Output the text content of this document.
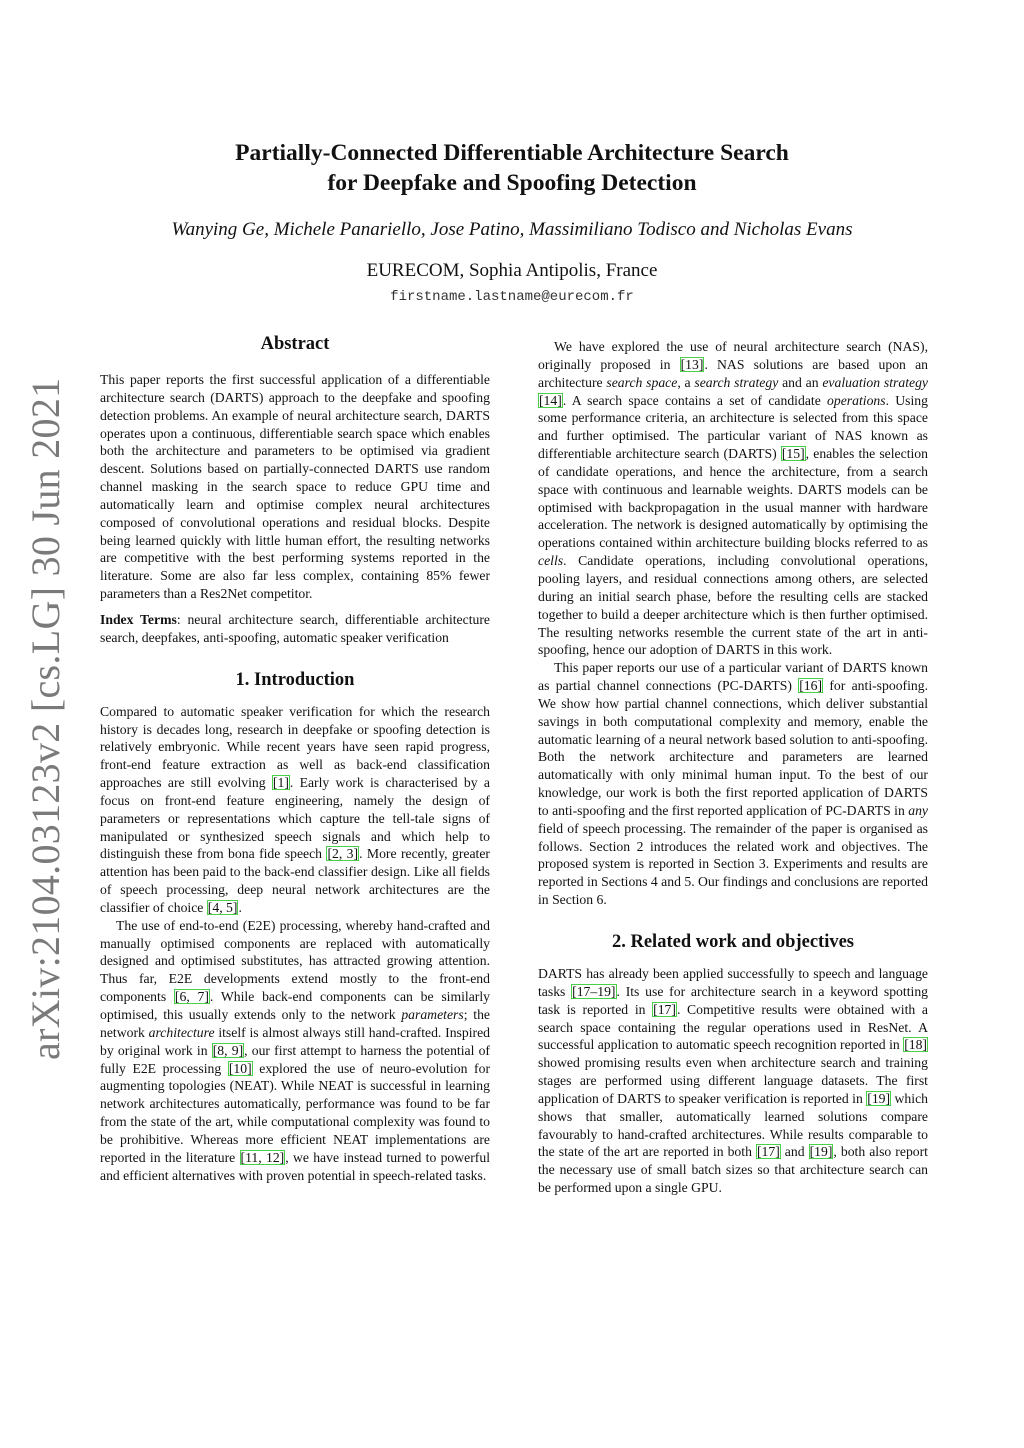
arXiv:2104.03123v2 [cs.LG] 30 Jun 2021
Partially-Connected Differentiable Architecture Search
for Deepfake and Spoofing Detection
Wanying Ge, Michele Panariello, Jose Patino, Massimiliano Todisco and Nicholas Evans
EURECOM, Sophia Antipolis, France
firstname.lastname@eurecom.fr
Abstract

This paper reports the first successful application of a differentiable architecture search (DARTS) approach to the deepfake and spoofing detection problems. An example of neural architecture search, DARTS operates upon a continuous, differentiable search space which enables both the architecture and parameters to be optimised via gradient descent. Solutions based on partially-connected DARTS use random channel masking in the search space to reduce GPU time and automatically learn and optimise complex neural architectures composed of convolutional operations and residual blocks. Despite being learned quickly with little human effort, the resulting networks are competitive with the best performing systems reported in the literature. Some are also far less complex, containing 85% fewer parameters than a Res2Net competitor.

Index Terms: neural architecture search, differentiable architecture search, deepfakes, anti-spoofing, automatic speaker verification

1. Introduction

Compared to automatic speaker verification for which the research history is decades long, research in deepfake or spoofing detection is relatively embryonic. While recent years have seen rapid progress, front-end feature extraction as well as back-end classification approaches are still evolving [1]. Early work is characterised by a focus on front-end feature engineering, namely the design of parameters or representations which capture the tell-tale signs of manipulated or synthesized speech signals and which help to distinguish these from bona fide speech [2, 3]. More recently, greater attention has been paid to the back-end classifier design. Like all fields of speech processing, deep neural network architectures are the classifier of choice [4, 5].

The use of end-to-end (E2E) processing, whereby hand-crafted and manually optimised components are replaced with automatically designed and optimised substitutes, has attracted growing attention. Thus far, E2E developments extend mostly to the front-end components [6, 7]. While back-end components can be similarly optimised, this usually extends only to the network parameters; the network architecture itself is almost always still hand-crafted. Inspired by original work in [8, 9], our first attempt to harness the potential of fully E2E processing [10] explored the use of neuro-evolution for augmenting topologies (NEAT). While NEAT is successful in learning network architectures automatically, performance was found to be far from the state of the art, while computational complexity was found to be prohibitive. Whereas more efficient NEAT implementations are reported in the literature [11, 12], we have instead turned to powerful and efficient alternatives with proven potential in speech-related tasks.

We have explored the use of neural architecture search (NAS), originally proposed in [13]. NAS solutions are based upon an architecture search space, a search strategy and an evaluation strategy [14]. A search space contains a set of candidate operations. Using some performance criteria, an architecture is selected from this space and further optimised. The particular variant of NAS known as differentiable architecture search (DARTS) [15], enables the selection of candidate operations, and hence the architecture, from a search space with continuous and learnable weights. DARTS models can be optimised with backpropagation in the usual manner with hardware acceleration. The network is designed automatically by optimising the operations contained within architecture building blocks referred to as cells. Candidate operations, including convolutional operations, pooling layers, and residual connections among others, are selected during an initial search phase, before the resulting cells are stacked together to build a deeper architecture which is then further optimised. The resulting networks resemble the current state of the art in anti-spoofing, hence our adoption of DARTS in this work.

This paper reports our use of a particular variant of DARTS known as partial channel connections (PC-DARTS) [16] for anti-spoofing. We show how partial channel connections, which deliver substantial savings in both computational complexity and memory, enable the automatic learning of a neural network based solution to anti-spoofing. Both the network architecture and parameters are learned automatically with only minimal human input. To the best of our knowledge, our work is both the first reported application of DARTS to anti-spoofing and the first reported application of PC-DARTS in any field of speech processing. The remainder of the paper is organised as follows. Section 2 introduces the related work and objectives. The proposed system is reported in Section 3. Experiments and results are reported in Sections 4 and 5. Our findings and conclusions are reported in Section 6.

2. Related work and objectives

DARTS has already been applied successfully to speech and language tasks [17–19]. Its use for architecture search in a keyword spotting task is reported in [17]. Competitive results were obtained with a search space containing the regular operations used in ResNet. A successful application to automatic speech recognition reported in [18] showed promising results even when architecture search and training stages are performed using different language datasets. The first application of DARTS to speaker verification is reported in [19] which shows that smaller, automatically learned solutions compare favourably to hand-crafted architectures. While results comparable to the state of the art are reported in both [17] and [19], both also report the necessary use of small batch sizes so that architecture search can be performed upon a single GPU.
